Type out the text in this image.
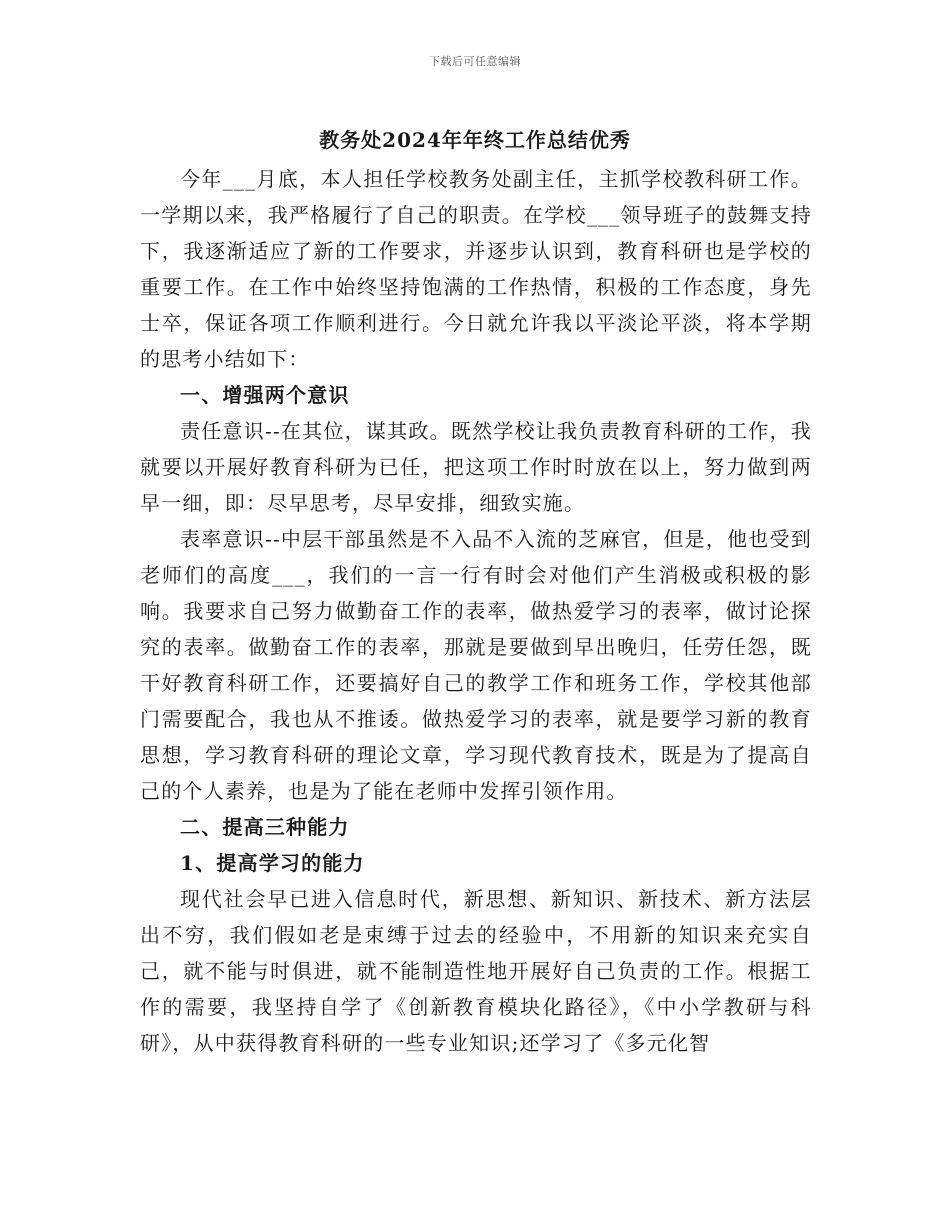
下载后可任意编辑
教务处2024年年终工作总结优秀

今年___月底，本人担任学校教务处副主任，主抓学校教科研工作。一学期以来，我严格履行了自己的职责。在学校___领导班子的鼓舞支持下，我逐渐适应了新的工作要求，并逐步认识到，教育科研也是学校的重要工作。在工作中始终坚持饱满的工作热情，积极的工作态度，身先士卒，保证各项工作顺利进行。今日就允许我以平淡论平淡，将本学期的思考小结如下：

一、增强两个意识

责任意识--在其位，谋其政。既然学校让我负责教育科研的工作，我就要以开展好教育科研为已任，把这项工作时时放在以上，努力做到两早一细，即：尽早思考，尽早安排，细致实施。

表率意识--中层干部虽然是不入品不入流的芝麻官，但是，他也受到老师们的高度___，我们的一言一行有时会对他们产生消极或积极的影响。我要求自己努力做勤奋工作的表率，做热爱学习的表率，做讨论探究的表率。做勤奋工作的表率，那就是要做到早出晚归，任劳任怨，既干好教育科研工作，还要搞好自己的教学工作和班务工作，学校其他部门需要配合，我也从不推诿。做热爱学习的表率，就是要学习新的教育思想，学习教育科研的理论文章，学习现代教育技术，既是为了提高自己的个人素养，也是为了能在老师中发挥引领作用。

二、提高三种能力
1、提高学习的能力

现代社会早已进入信息时代，新思想、新知识、新技术、新方法层出不穷，我们假如老是束缚于过去的经验中，不用新的知识来充实自己，就不能与时俱进，就不能制造性地开展好自己负责的工作。根据工作的需要，我坚持自学了《创新教育模块化路径》，《中小学教研与科研》，从中获得教育科研的一些专业知识;还学习了《多元化智
